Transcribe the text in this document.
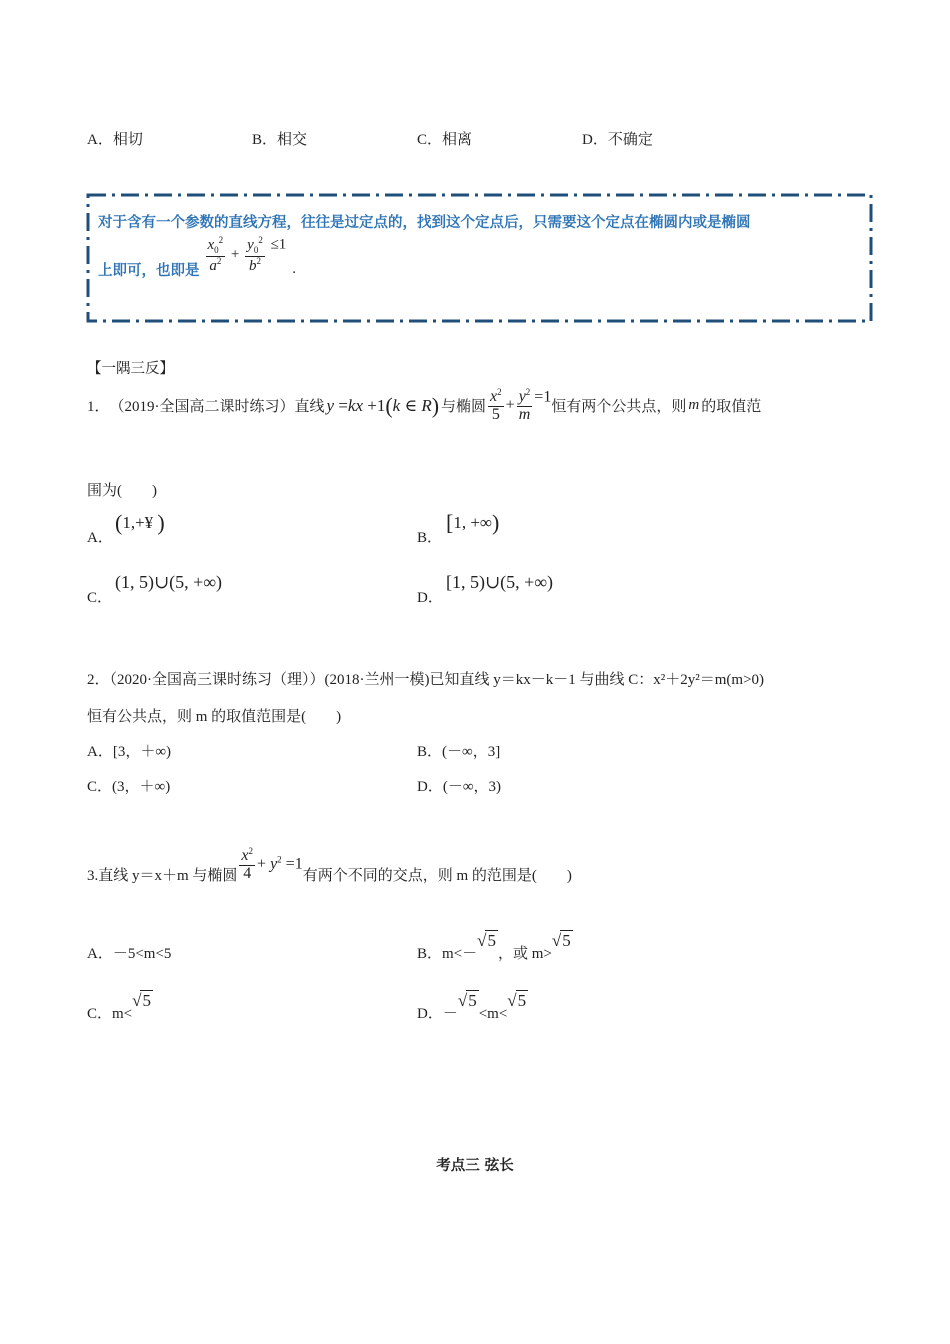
A．相切	B．相交	C．相离	D．不确定
对于含有一个参数的直线方程，往往是过定点的，找到这个定点后，只需要这个定点在椭圆内或是椭圆
上即可，也即是 $\frac{x_0^2}{a^2} + \frac{y_0^2}{b^2} \le 1$
.
【一隅三反】
1． （2019·全国高二课时练习）直线 y =kx +1(k ∈ R) 与椭圆 $\frac{x^2}{5} + \frac{y^2}{m} =1$
恒有两个公共点，则 m 的取值范
围为(　　)
A．
(1,+¥ )
B．
[1, +∞)
C．
(1, 5)∪(5, +∞)
D．
[1, 5)∪(5, +∞)
2．（2020·全国高三课时练习（理））(2018·兰州一模)已知直线 y＝kx－k－1 与曲线 C：x²＋2y²＝m(m>0)
恒有公共点，则 m 的取值范围是(　　)
A．[3，＋∞)	B．(－∞，3]
C．(3，＋∞)	D．(－∞，3)
3.直线 y＝x＋m 与椭圆 $\frac{x^2}{4} + y^2 =1$
有两个不同的交点，则 m 的范围是(　　)
A．－5<m<5	B．m<－
√5
，或 m>
√5
C．m<
√5
D．－
√5
<m<
√5
考点三 弦长
